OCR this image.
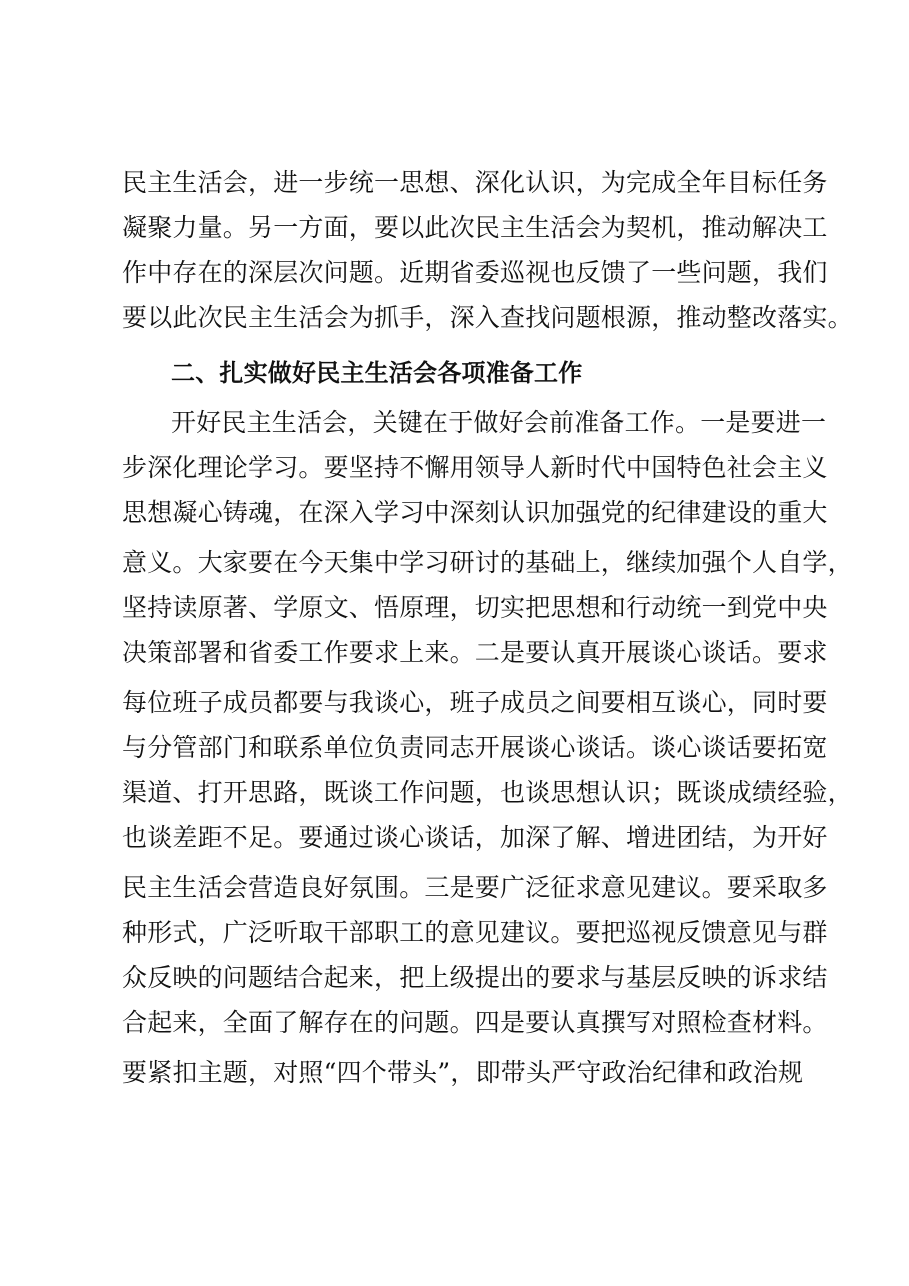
民主生活会，进一步统一思想、深化认识，为完成全年目标任务
凝聚力量。另一方面，要以此次民主生活会为契机，推动解决工
作中存在的深层次问题。近期省委巡视也反馈了一些问题，我们
要以此次民主生活会为抓手，深入查找问题根源，推动整改落实。
二、扎实做好民主生活会各项准备工作
开好民主生活会，关键在于做好会前准备工作。一是要进一
步深化理论学习。要坚持不懈用领导人新时代中国特色社会主义
思想凝心铸魂，在深入学习中深刻认识加强党的纪律建设的重大
意义。大家要在今天集中学习研讨的基础上，继续加强个人自学，
坚持读原著、学原文、悟原理，切实把思想和行动统一到党中央
决策部署和省委工作要求上来。二是要认真开展谈心谈话。要求
每位班子成员都要与我谈心，班子成员之间要相互谈心，同时要
与分管部门和联系单位负责同志开展谈心谈话。谈心谈话要拓宽
渠道、打开思路，既谈工作问题，也谈思想认识；既谈成绩经验，
也谈差距不足。要通过谈心谈话，加深了解、增进团结，为开好
民主生活会营造良好氛围。三是要广泛征求意见建议。要采取多
种形式，广泛听取干部职工的意见建议。要把巡视反馈意见与群
众反映的问题结合起来，把上级提出的要求与基层反映的诉求结
合起来，全面了解存在的问题。四是要认真撰写对照检查材料。
要紧扣主题，对照“四个带头”，即带头严守政治纪律和政治规
